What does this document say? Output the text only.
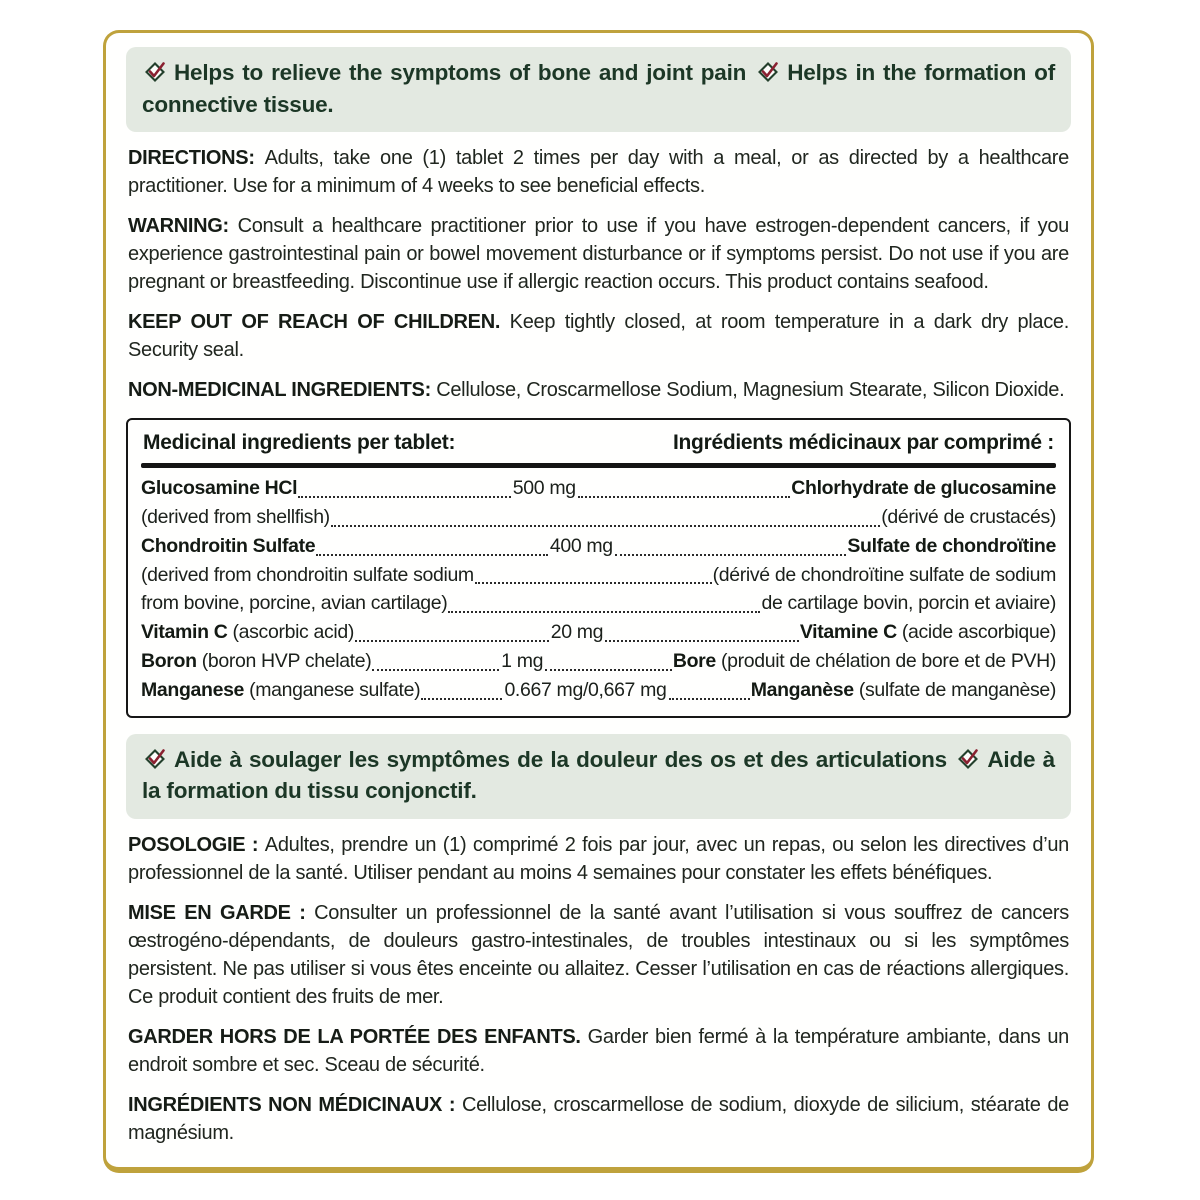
Helps to relieve the symptoms of bone and joint pain Helps in the formation of connective tissue.

DIRECTIONS: Adults, take one (1) tablet 2 times per day with a meal, or as directed by a healthcare practitioner. Use for a minimum of 4 weeks to see beneficial effects.

WARNING: Consult a healthcare practitioner prior to use if you have estrogen-dependent cancers, if you experience gastrointestinal pain or bowel movement disturbance or if symptoms persist. Do not use if you are pregnant or breastfeeding. Discontinue use if allergic reaction occurs. This product contains seafood.

KEEP OUT OF REACH OF CHILDREN. Keep tightly closed, at room temperature in a dark dry place. Security seal.

NON-MEDICINAL INGREDIENTS: Cellulose, Croscarmellose Sodium, Magnesium Stearate, Silicon Dioxide.

Medicinal ingredients per tablet:	Ingrédients médicinaux par comprimé :
Glucosamine HCl	500 mg	Chlorhydrate de glucosamine
(derived from shellfish)	(dérivé de crustacés)
Chondroitin Sulfate	400 mg	Sulfate de chondroïtine
(derived from chondroitin sulfate sodium	(dérivé de chondroïtine sulfate de sodium
from bovine, porcine, avian cartilage)	de cartilage bovin, porcin et aviaire)
Vitamin C (ascorbic acid)	20 mg	Vitamine C (acide ascorbique)
Boron (boron HVP chelate)	1 mg	Bore (produit de chélation de bore et de PVH)
Manganese (manganese sulfate)	0.667 mg/0,667 mg	Manganèse (sulfate de manganèse)
Aide à soulager les symptômes de la douleur des os et des articulations Aide à la formation du tissu conjonctif.

POSOLOGIE : Adultes, prendre un (1) comprimé 2 fois par jour, avec un repas, ou selon les directives d’un professionnel de la santé. Utiliser pendant au moins 4 semaines pour constater les effets bénéfiques.

MISE EN GARDE : Consulter un professionnel de la santé avant l’utilisation si vous souffrez de cancers œstrogéno-dépendants, de douleurs gastro-intestinales, de troubles intestinaux ou si les symptômes persistent. Ne pas utiliser si vous êtes enceinte ou allaitez. Cesser l’utilisation en cas de réactions allergiques. Ce produit contient des fruits de mer.

GARDER HORS DE LA PORTÉE DES ENFANTS. Garder bien fermé à la température ambiante, dans un endroit sombre et sec. Sceau de sécurité.

INGRÉDIENTS NON MÉDICINAUX : Cellulose, croscarmellose de sodium, dioxyde de silicium, stéarate de magnésium.
